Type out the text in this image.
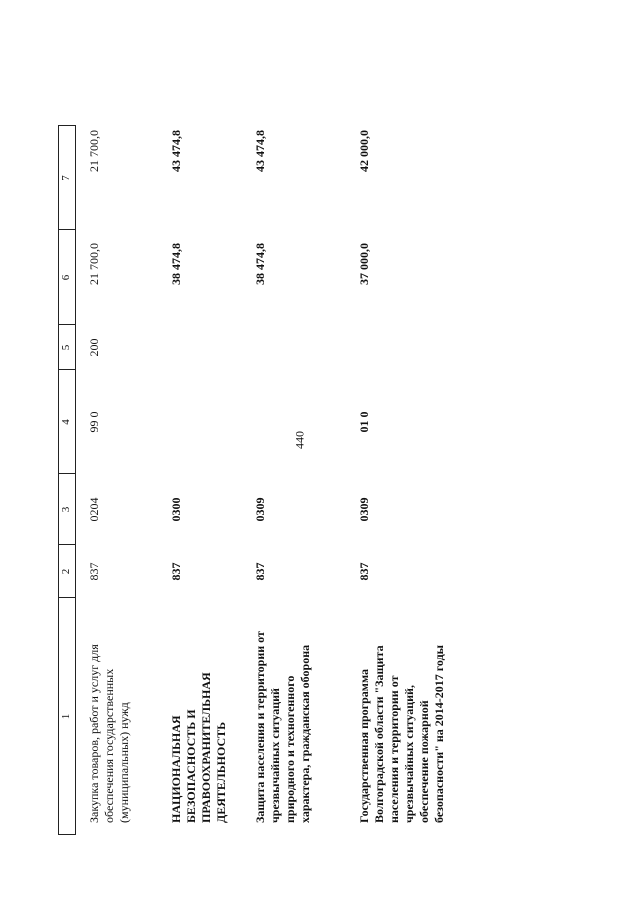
440
1
2
3
4
5
6
7
Закупка товаров, работ и услуг для обеспечения государственных (муниципальных) нужд
837
0204
99 0
200
21 700,0
21 700,0
НАЦИОНАЛЬНАЯ БЕЗОПАСНОСТЬ И ПРАВООХРАНИТЕЛЬНАЯ ДЕЯТЕЛЬНОСТЬ
837
0300
38 474,8
43 474,8
Защита населения и территории от чрезвычайных ситуаций природного и техногенного характера, гражданская оборона
837
0309
38 474,8
43 474,8
Государственная программа Волгоградской области "Защита населения и территории от чрезвычайных ситуаций, обеспечение пожарной безопасности" на 2014-2017 годы
837
0309
01 0
37 000,0
42 000,0
